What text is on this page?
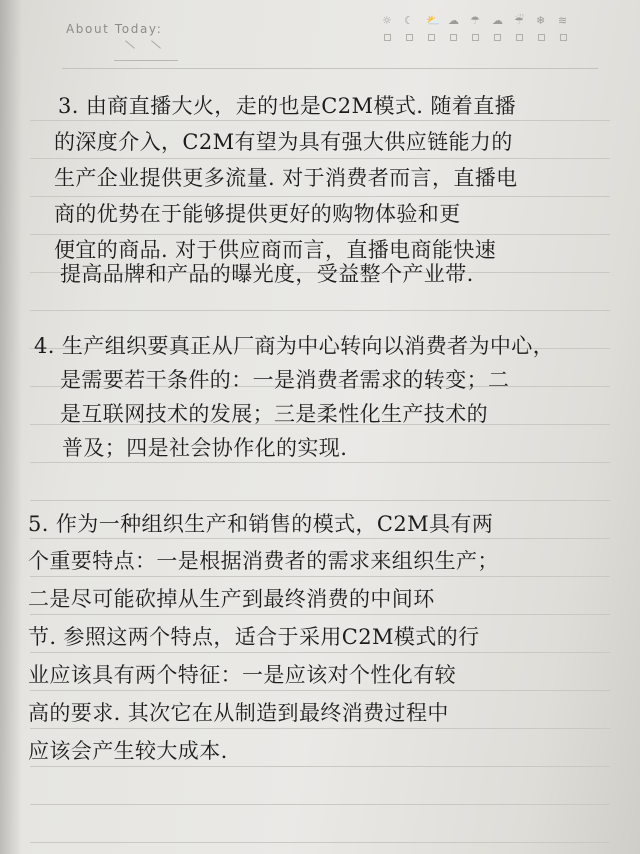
About Today:
☼ ☾ ⛅ ☁ ☂ ☁ ☔ ❄ ≋
3. 由商直播大火，走的也是C2M模式. 随着直播
的深度介入，C2M有望为具有强大供应链能力的
生产企业提供更多流量. 对于消费者而言，直播电
商的优势在于能够提供更好的购物体验和更
便宜的商品. 对于供应商而言，直播电商能快速
提高品牌和产品的曝光度，受益整个产业带.
4. 生产组织要真正从厂商为中心转向以消费者为中心，
是需要若干条件的：一是消费者需求的转变；二
是互联网技术的发展；三是柔性化生产技术的
普及；四是社会协作化的实现.
5. 作为一种组织生产和销售的模式，C2M具有两
个重要特点：一是根据消费者的需求来组织生产；
二是尽可能砍掉从生产到最终消费的中间环
节. 参照这两个特点，适合于采用C2M模式的行
业应该具有两个特征：一是应该对个性化有较
高的要求. 其次它在从制造到最终消费过程中
应该会产生较大成本.
